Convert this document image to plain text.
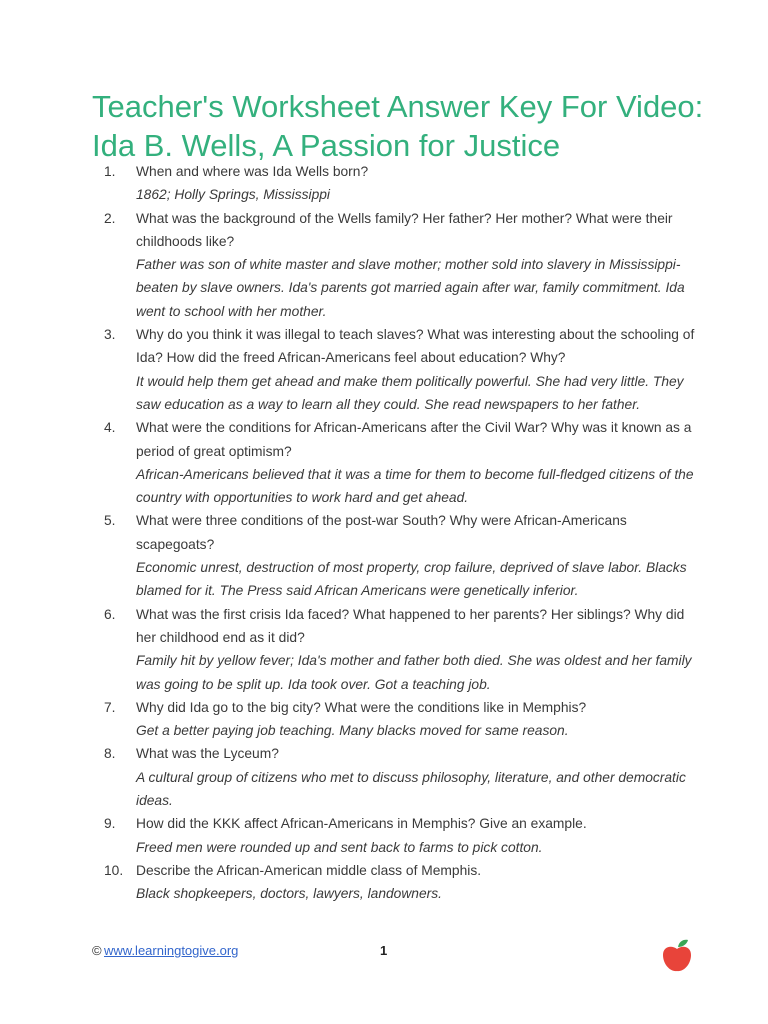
Teacher's Worksheet Answer Key For Video: Ida B. Wells, A Passion for Justice
1.	When and where was Ida Wells born?
1862; Holly Springs, Mississippi
2.	What was the background of the Wells family? Her father? Her mother? What were their childhoods like?
Father was son of white master and slave mother; mother sold into slavery in Mississippi-beaten by slave owners. Ida's parents got married again after war, family commitment. Ida went to school with her mother.
3.	Why do you think it was illegal to teach slaves? What was interesting about the schooling of Ida? How did the freed African-Americans feel about education? Why?
It would help them get ahead and make them politically powerful. She had very little. They saw education as a way to learn all they could. She read newspapers to her father.
4.	What were the conditions for African-Americans after the Civil War? Why was it known as a period of great optimism?
African-Americans believed that it was a time for them to become full-fledged citizens of the country with opportunities to work hard and get ahead.
5.	What were three conditions of the post-war South? Why were African-Americans scapegoats?
Economic unrest, destruction of most property, crop failure, deprived of slave labor. Blacks blamed for it. The Press said African Americans were genetically inferior.
6.	What was the first crisis Ida faced? What happened to her parents? Her siblings? Why did her childhood end as it did?
Family hit by yellow fever; Ida's mother and father both died. She was oldest and her family was going to be split up. Ida took over. Got a teaching job.
7.	Why did Ida go to the big city? What were the conditions like in Memphis?
Get a better paying job teaching. Many blacks moved for same reason.
8.	What was the Lyceum?
A cultural group of citizens who met to discuss philosophy, literature, and other democratic ideas.
9.	How did the KKK affect African-Americans in Memphis? Give an example.
Freed men were rounded up and sent back to farms to pick cotton.
10. Describe the African-American middle class of Memphis.
Black shopkeepers, doctors, lawyers, landowners.
© www.learningtogive.org	1
